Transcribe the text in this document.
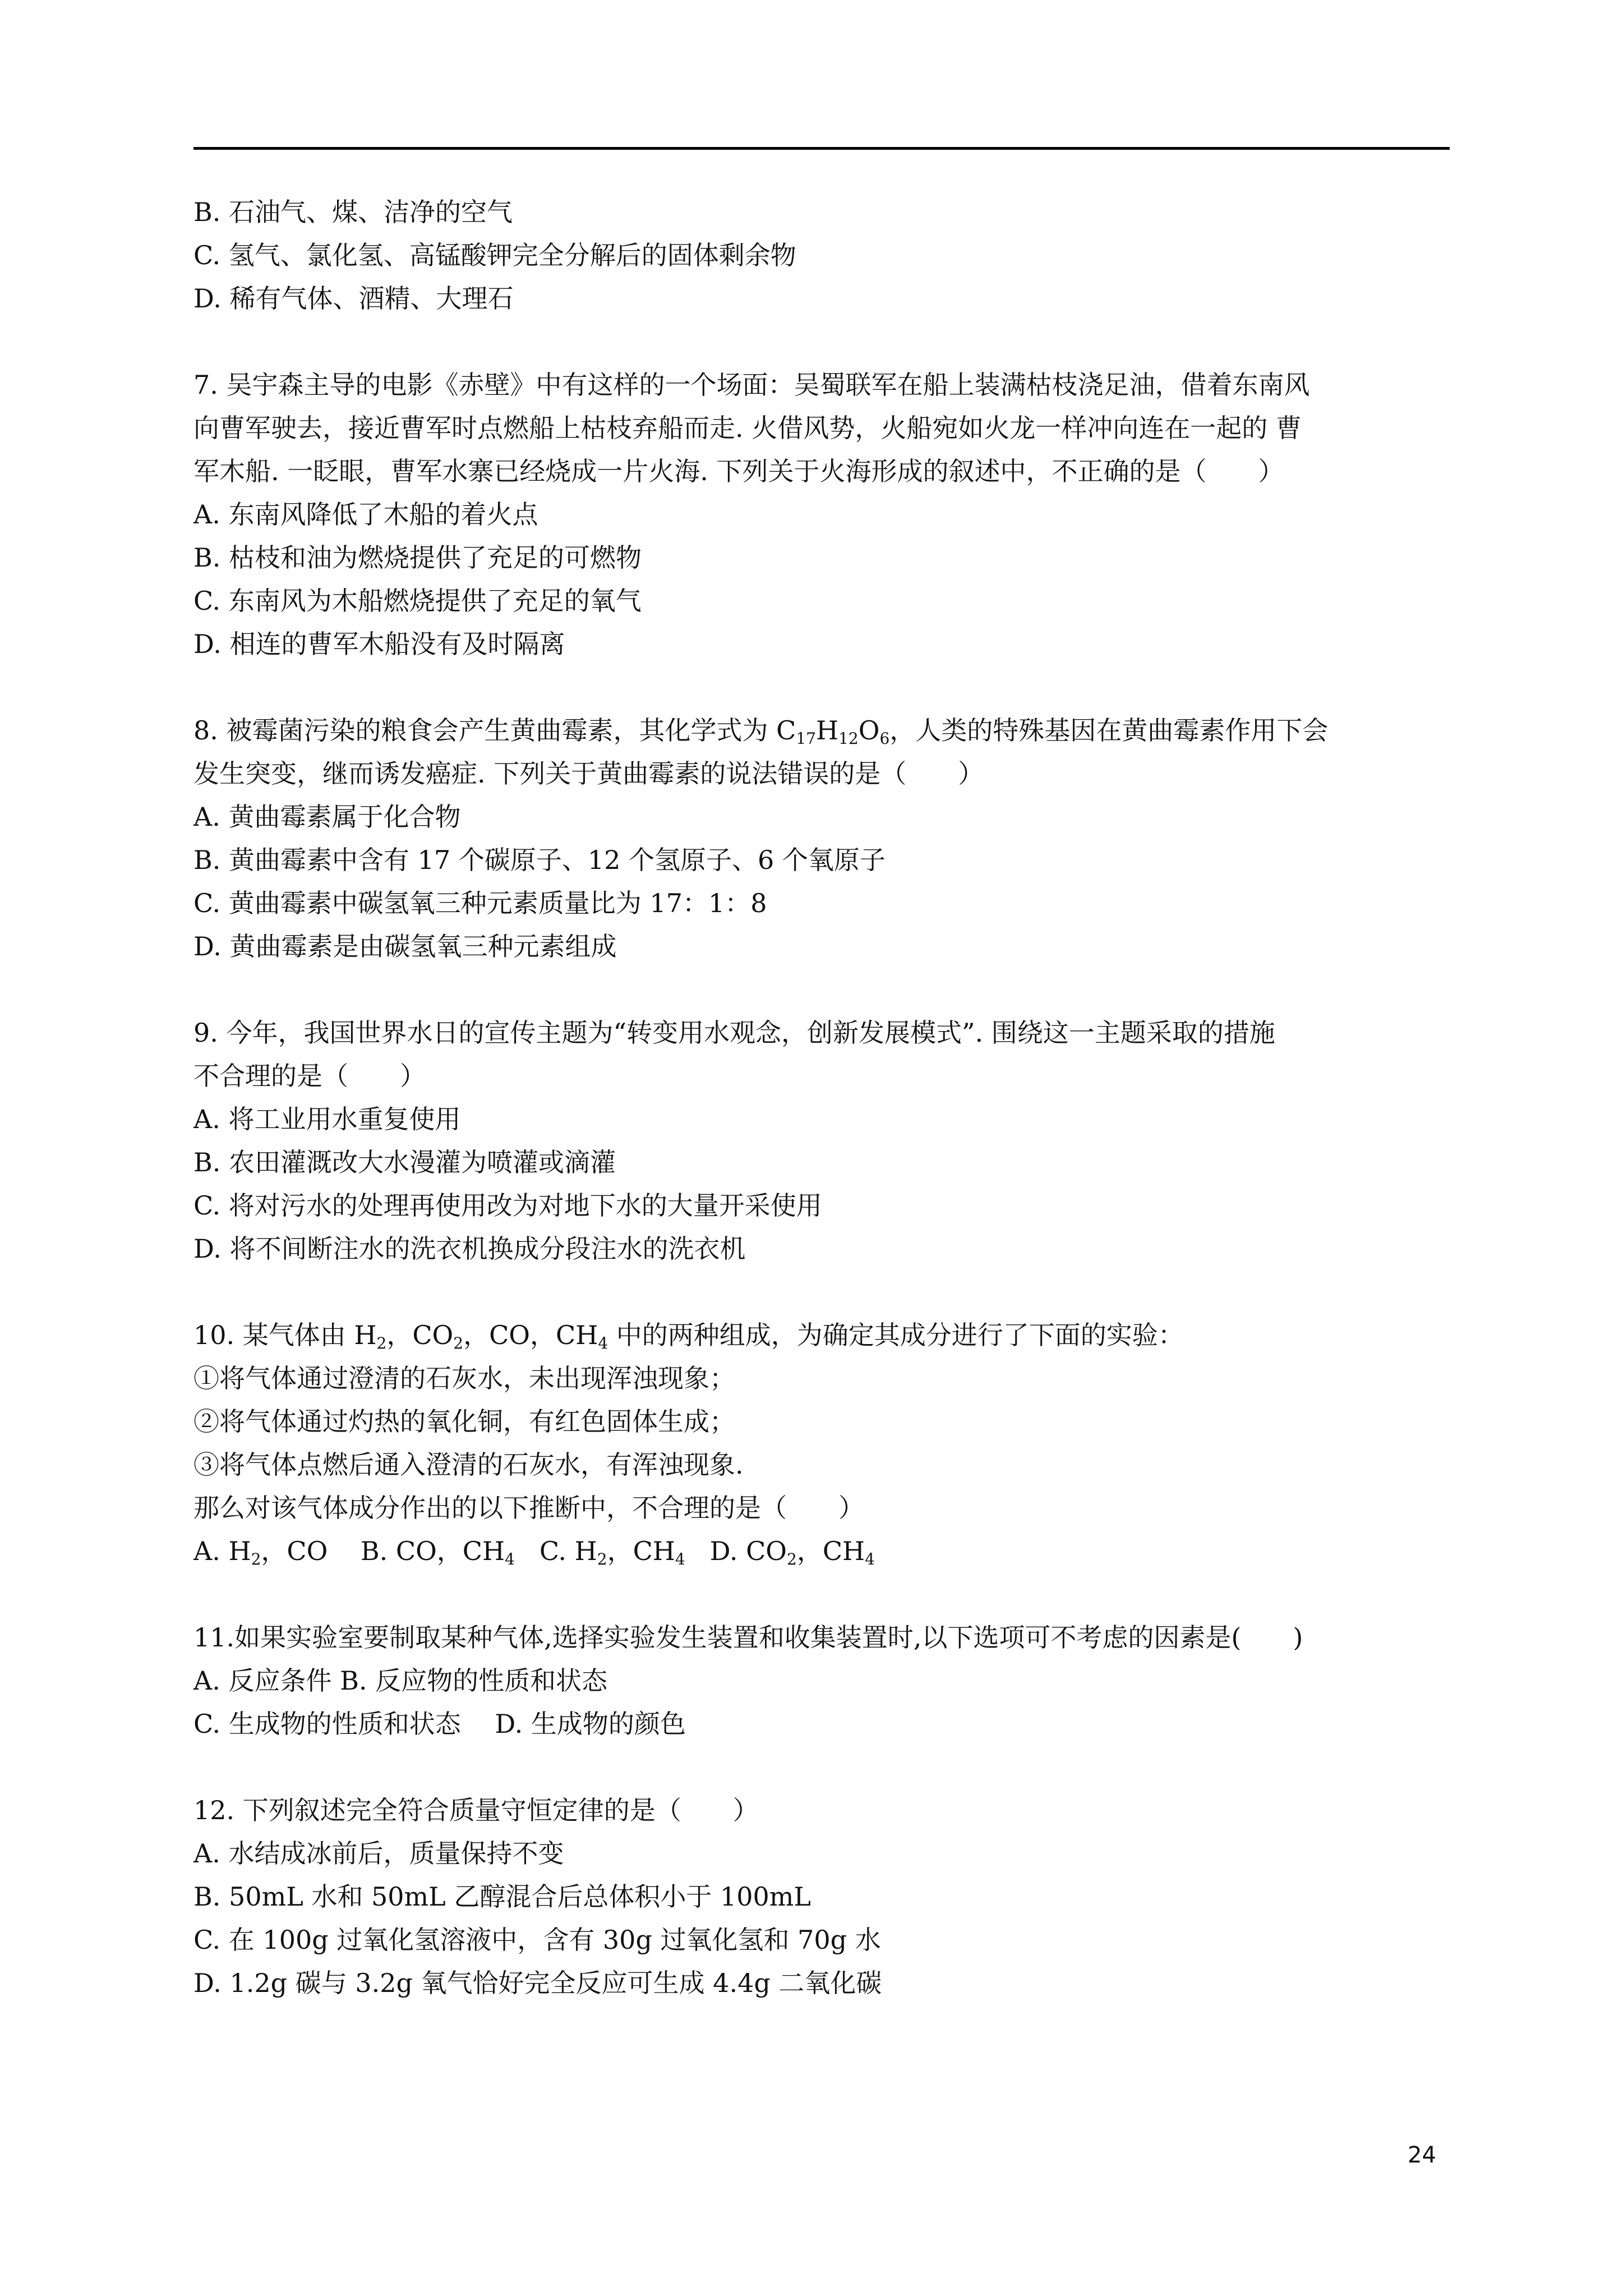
B. 石油气、煤、洁净的空气
C. 氢气、氯化氢、高锰酸钾完全分解后的固体剩余物
D. 稀有气体、酒精、大理石
7. 吴宇森主导的电影《赤壁》中有这样的一个场面：吴蜀联军在船上装满枯枝浇足油，借着东南风
向曹军驶去，接近曹军时点燃船上枯枝弃船而走. 火借风势，火船宛如火龙一样冲向连在一起的 曹
军木船. 一眨眼，曹军水寨已经烧成一片火海. 下列关于火海形成的叙述中，不正确的是（　　）
A. 东南风降低了木船的着火点
B. 枯枝和油为燃烧提供了充足的可燃物
C. 东南风为木船燃烧提供了充足的氧气
D. 相连的曹军木船没有及时隔离
8. 被霉菌污染的粮食会产生黄曲霉素，其化学式为 $C_{17}H_{12}O_6$，人类的特殊基因在黄曲霉素作用下会
发生突变，继而诱发癌症. 下列关于黄曲霉素的说法错误的是（　　）
A. 黄曲霉素属于化合物
B. 黄曲霉素中含有 17 个碳原子、12 个氢原子、6 个氧原子
C. 黄曲霉素中碳氢氧三种元素质量比为 17：1：8
D. 黄曲霉素是由碳氢氧三种元素组成
9. 今年，我国世界水日的宣传主题为“转变用水观念，创新发展模式”. 围绕这一主题采取的措施
不合理的是（　　）
A. 将工业用水重复使用
B. 农田灌溉改大水漫灌为喷灌或滴灌
C. 将对污水的处理再使用改为对地下水的大量开采使用
D. 将不间断注水的洗衣机换成分段注水的洗衣机
10. 某气体由 $H_2$，$CO_2$，CO，$CH_4$ 中的两种组成，为确定其成分进行了下面的实验：
①将气体通过澄清的石灰水，未出现浑浊现象；
②将气体通过灼热的氧化铜，有红色固体生成；
③将气体点燃后通入澄清的石灰水，有浑浊现象.
那么对该气体成分作出的以下推断中，不合理的是（　　）
A. $H_2$，CO B. CO，$CH_4$ C. $H_2$，$CH_4$ D. $CO_2$，$CH_4$
11.如果实验室要制取某种气体,选择实验发生装置和收集装置时,以下选项可不考虑的因素是(　　)
A. 反应条件 B. 反应物的性质和状态
C. 生成物的性质和状态　 D. 生成物的颜色
12. 下列叙述完全符合质量守恒定律的是（　　）
A. 水结成冰前后，质量保持不变
B. 50mL 水和 50mL 乙醇混合后总体积小于 100mL
C. 在 100g 过氧化氢溶液中，含有 30g 过氧化氢和 70g 水
D. 1.2g 碳与 3.2g 氧气恰好完全反应可生成 4.4g 二氧化碳
24
